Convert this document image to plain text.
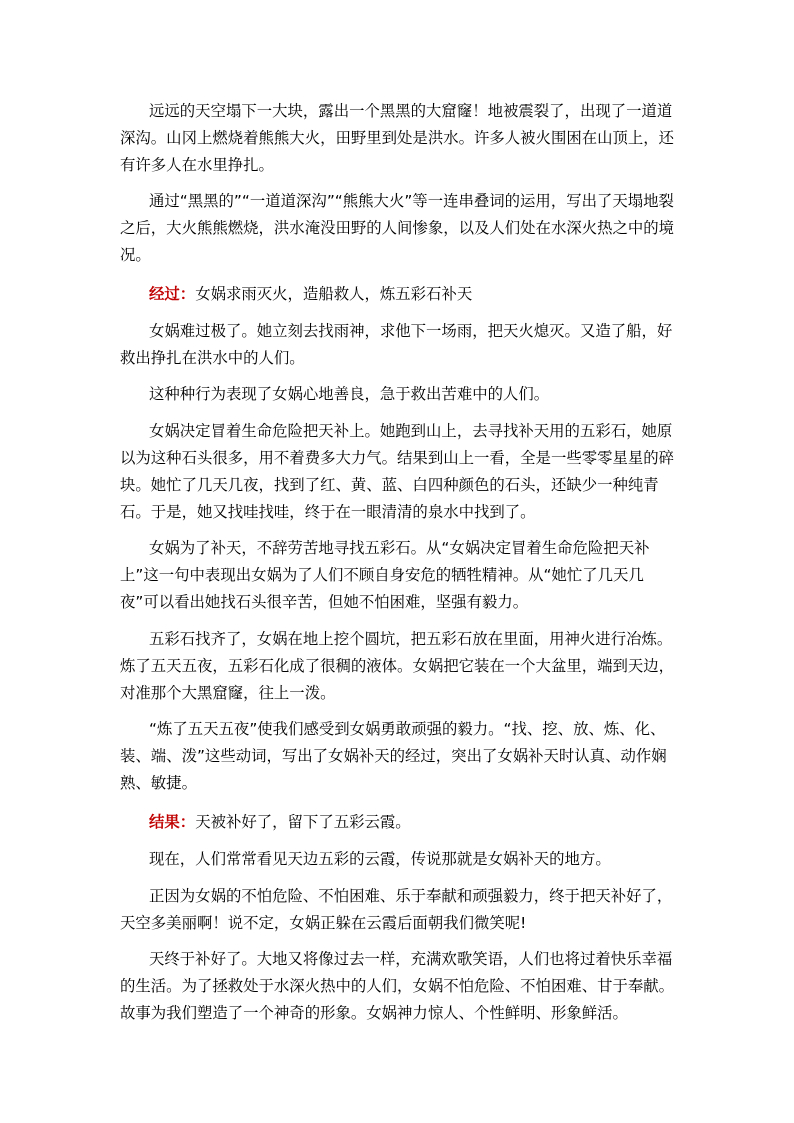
远远的天空塌下一大块，露出一个黑黑的大窟窿！地被震裂了，出现了一道道深沟。山冈上燃烧着熊熊大火，田野里到处是洪水。许多人被火围困在山顶上，还有许多人在水里挣扎。

通过“黑黑的”“一道道深沟”“熊熊大火”等一连串叠词的运用，写出了天塌地裂之后，大火熊熊燃烧，洪水淹没田野的人间惨象，以及人们处在水深火热之中的境况。

经过：女娲求雨灭火，造船救人，炼五彩石补天

女娲难过极了。她立刻去找雨神，求他下一场雨，把天火熄灭。又造了船，好救出挣扎在洪水中的人们。

这种种行为表现了女娲心地善良，急于救出苦难中的人们。

女娲决定冒着生命危险把天补上。她跑到山上，去寻找补天用的五彩石，她原以为这种石头很多，用不着费多大力气。结果到山上一看，全是一些零零星星的碎块。她忙了几天几夜，找到了红、黄、蓝、白四种颜色的石头，还缺少一种纯青石。于是，她又找哇找哇，终于在一眼清清的泉水中找到了。

女娲为了补天，不辞劳苦地寻找五彩石。从“女娲决定冒着生命危险把天补上”这一句中表现出女娲为了人们不顾自身安危的牺牲精神。从“她忙了几天几夜”可以看出她找石头很辛苦，但她不怕困难，坚强有毅力。

五彩石找齐了，女娲在地上挖个圆坑，把五彩石放在里面，用神火进行冶炼。炼了五天五夜，五彩石化成了很稠的液体。女娲把它装在一个大盆里，端到天边，对准那个大黑窟窿，往上一泼。

“炼了五天五夜”使我们感受到女娲勇敢顽强的毅力。“找、挖、放、炼、化、装、端、泼”这些动词，写出了女娲补天的经过，突出了女娲补天时认真、动作娴熟、敏捷。

结果：天被补好了，留下了五彩云霞。

现在，人们常常看见天边五彩的云霞，传说那就是女娲补天的地方。

正因为女娲的不怕危险、不怕困难、乐于奉献和顽强毅力，终于把天补好了，天空多美丽啊！说不定，女娲正躲在云霞后面朝我们微笑呢!

天终于补好了。大地又将像过去一样，充满欢歌笑语，人们也将过着快乐幸福的生活。为了拯救处于水深火热中的人们，女娲不怕危险、不怕困难、甘于奉献。故事为我们塑造了一个神奇的形象。女娲神力惊人、个性鲜明、形象鲜活。
